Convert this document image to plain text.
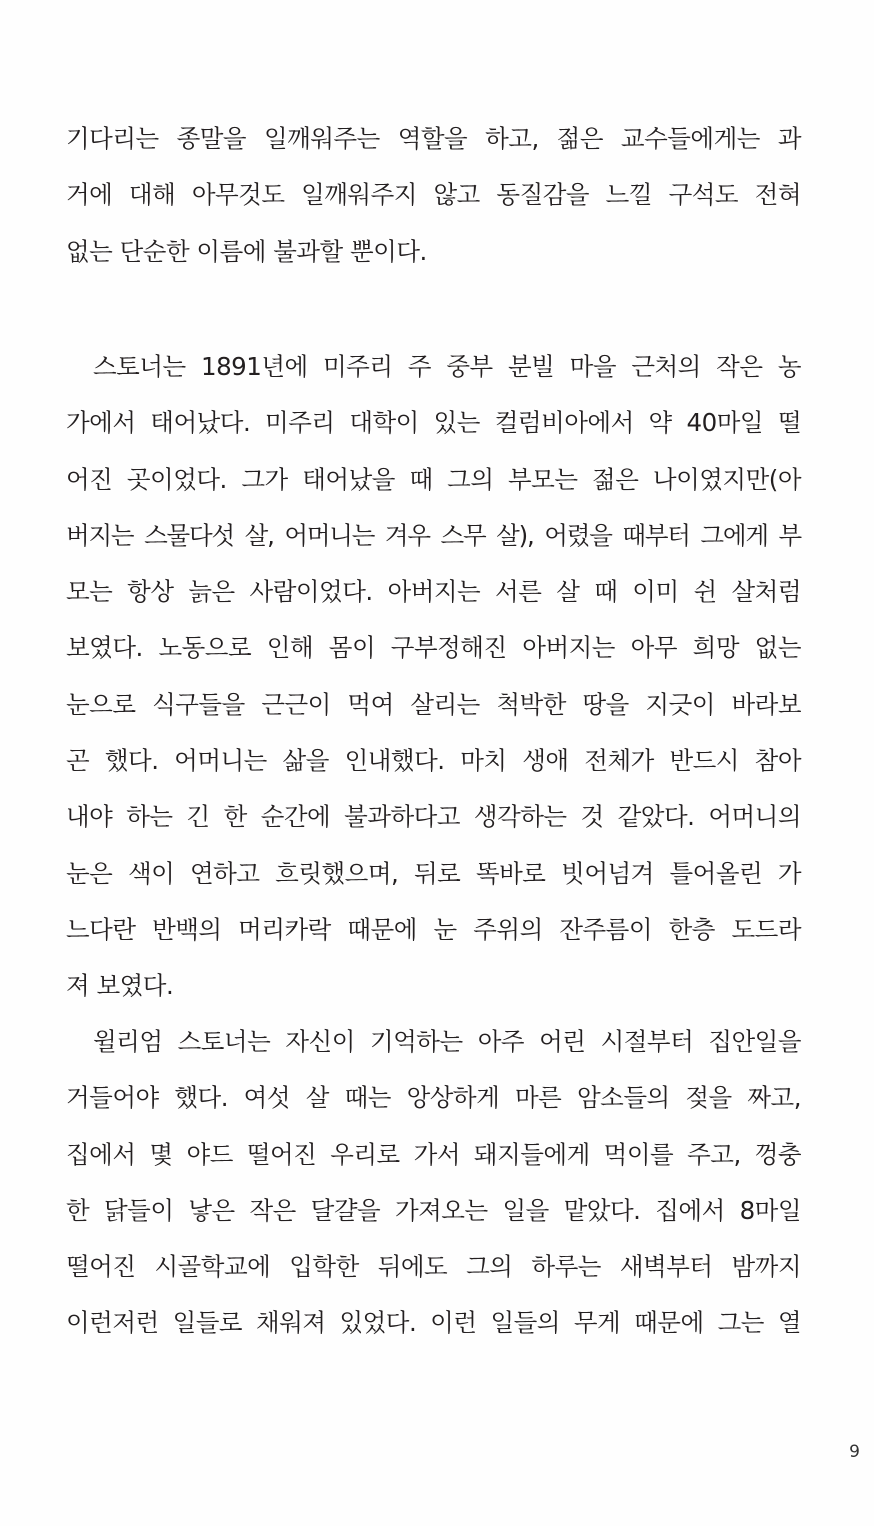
기다리는 종말을 일깨워주는 역할을 하고, 젊은 교수들에게는 과
거에 대해 아무것도 일깨워주지 않고 동질감을 느낄 구석도 전혀
없는 단순한 이름에 불과할 뿐이다.
스토너는 1891년에 미주리 주 중부 분빌 마을 근처의 작은 농
가에서 태어났다. 미주리 대학이 있는 컬럼비아에서 약 40마일 떨
어진 곳이었다. 그가 태어났을 때 그의 부모는 젊은 나이였지만(아
버지는 스물다섯 살, 어머니는 겨우 스무 살), 어렸을 때부터 그에게 부
모는 항상 늙은 사람이었다. 아버지는 서른 살 때 이미 쉰 살처럼
보였다. 노동으로 인해 몸이 구부정해진 아버지는 아무 희망 없는
눈으로 식구들을 근근이 먹여 살리는 척박한 땅을 지긋이 바라보
곤 했다. 어머니는 삶을 인내했다. 마치 생애 전체가 반드시 참아
내야 하는 긴 한 순간에 불과하다고 생각하는 것 같았다. 어머니의
눈은 색이 연하고 흐릿했으며, 뒤로 똑바로 빗어넘겨 틀어올린 가
느다란 반백의 머리카락 때문에 눈 주위의 잔주름이 한층 도드라
져 보였다.
윌리엄 스토너는 자신이 기억하는 아주 어린 시절부터 집안일을
거들어야 했다. 여섯 살 때는 앙상하게 마른 암소들의 젖을 짜고,
집에서 몇 야드 떨어진 우리로 가서 돼지들에게 먹이를 주고, 껑충
한 닭들이 낳은 작은 달걀을 가져오는 일을 맡았다. 집에서 8마일
떨어진 시골학교에 입학한 뒤에도 그의 하루는 새벽부터 밤까지
이런저런 일들로 채워져 있었다. 이런 일들의 무게 때문에 그는 열
9
